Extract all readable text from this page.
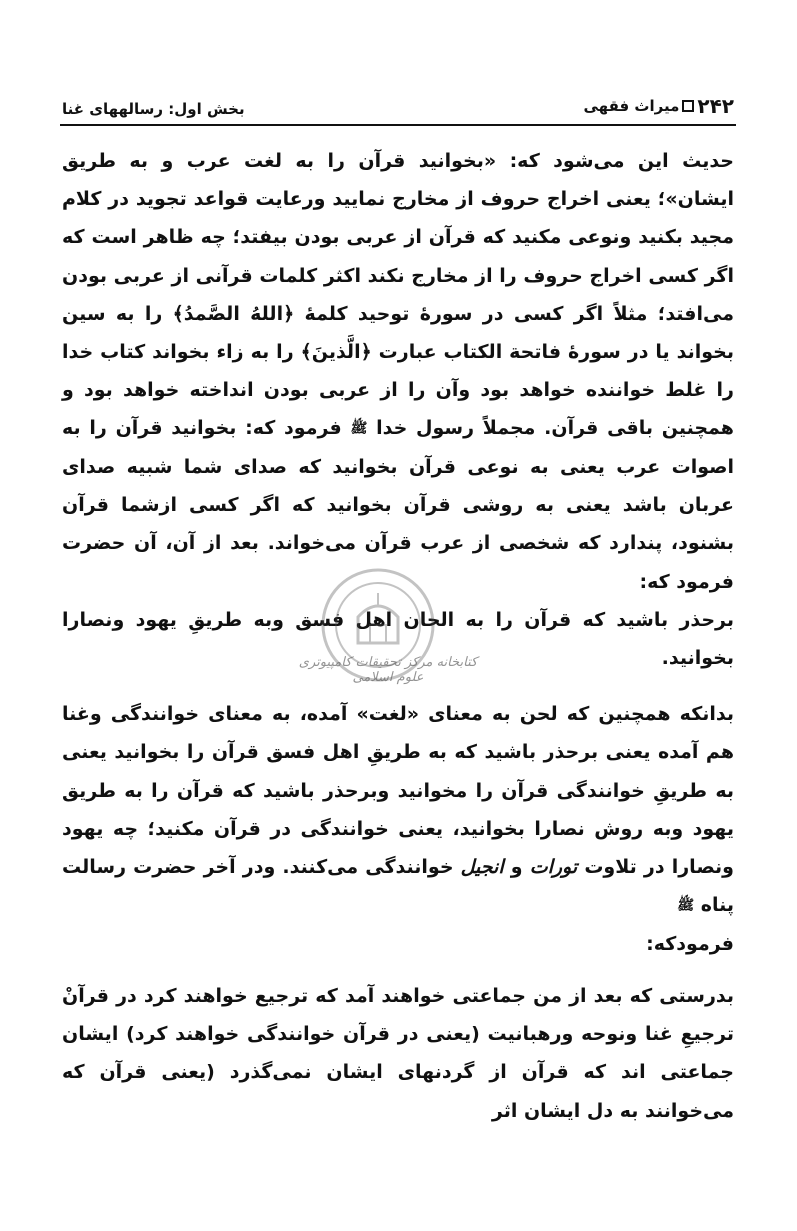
۲۴۲
میراث فقهی
بخش اول: رسالههای غنا

حدیث این می‌شود که: «بخوانید قرآن را به لغت عرب و به طریق ایشان»؛ یعنی اخراج حروف از مخارج نمایید ورعایت قواعد تجوید در کلام مجید بکنید ونوعی مکنید که قرآن از عربی بودن بیفتد؛ چه ظاهر است که اگر کسی اخراج حروف را از مخارج نکند اکثر کلمات قرآنی از عربی بودن می‌افتد؛ مثلاً اگر کسی در سورهٔ توحید کلمهٔ ﴿اللهُ الصَّمدُ﴾ را به سین بخواند یا در سورهٔ فاتحة الکتاب عبارت ﴿الَّذینَ﴾ را به زاء بخواند کتاب خدا را غلط خواننده خواهد بود وآن را از عربی بودن انداخته خواهد بود و همچنین باقی قرآن. مجملاً رسول خدا ﷺ فرمود که: بخوانید قرآن را به اصوات عرب یعنی به نوعی قرآن بخوانید که صدای شما شبیه صدای عربان باشد یعنی به روشی قرآن بخوانید که اگر کسی ازشما قرآن بشنود، پندارد که شخصی از عرب قرآن می‌خواند. بعد از آن، آن حضرت فرمود که:

برحذر باشید که قرآن را به الحان اهل فسق وبه طریقِ یهود ونصارا بخوانید.

بدانکه همچنین که لحن به معنای «لغت» آمده، به معنای خوانندگی وغنا هم آمده یعنی برحذر باشید که به طریقِ اهل فسق قرآن را بخوانید یعنی به طریقِ خوانندگی قرآن را مخوانید وبرحذر باشید که قرآن را به طریق یهود وبه روش نصارا بخوانید، یعنی خوانندگی در قرآن مکنید؛ چه یهود ونصارا در تلاوت تورات و انجیل خوانندگی می‌کنند. ودر آخر حضرت رسالت پناه ﷺ
فرمودکه:

بدرستی که بعد از من جماعتی خواهند آمد که ترجیع خواهند کرد در قرآنْ ترجیعِ غنا ونوحه ورهبانیت (یعنی در قرآن خوانندگی خواهند کرد) ایشان جماعتی اند که قرآن از گردنهای ایشان نمی‌گذرد (یعنی قرآن که می‌خوانند به دل ایشان اثر

کتابخانه مرکز تحقیقات کامپیوتری علوم اسلامی
